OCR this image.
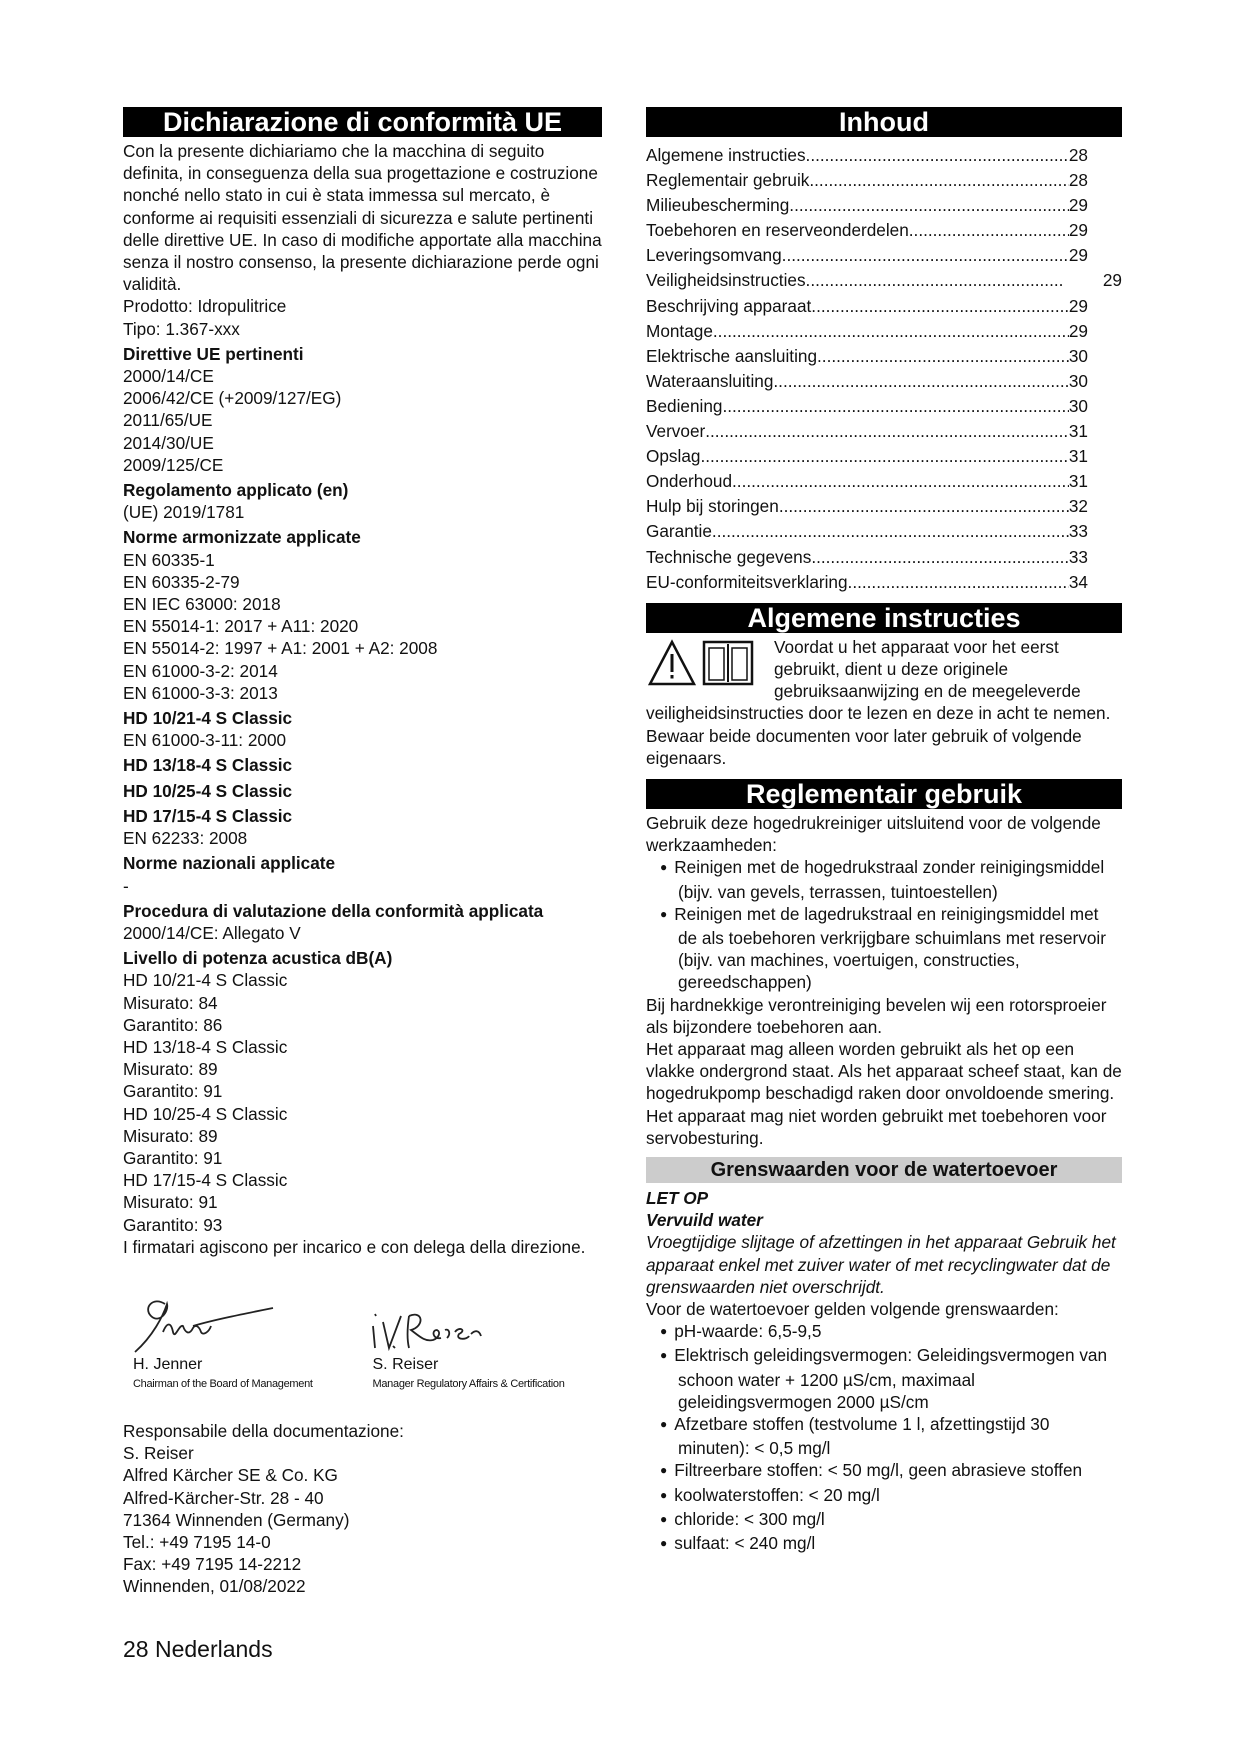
Dichiarazione di conformità UE
Con la presente dichiariamo che la macchina di seguito definita, in conseguenza della sua progettazione e costruzione nonché nello stato in cui è stata immessa sul mercato, è conforme ai requisiti essenziali di sicurezza e salute pertinenti delle direttive UE. In caso di modifiche apportate alla macchina senza il nostro consenso, la presente dichiarazione perde ogni validità.
Prodotto: Idropulitrice
Tipo: 1.367-xxx
Direttive UE pertinenti
2000/14/CE
2006/42/CE (+2009/127/EG)
2011/65/UE
2014/30/UE
2009/125/CE
Regolamento applicato (en)
(UE) 2019/1781
Norme armonizzate applicate
EN 60335-1
EN 60335-2-79
EN IEC 63000: 2018
EN 55014-1: 2017 + A11: 2020
EN 55014-2: 1997 + A1: 2001 + A2: 2008
EN 61000-3-2: 2014
EN 61000-3-3: 2013
HD 10/21-4 S Classic
EN 61000-3-11: 2000
HD 13/18-4 S Classic
HD 10/25-4 S Classic
HD 17/15-4 S Classic
EN 62233: 2008
Norme nazionali applicate
-
Procedura di valutazione della conformità applicata
2000/14/CE: Allegato V
Livello di potenza acustica dB(A)
HD 10/21-4 S Classic
Misurato: 84
Garantito: 86
HD 13/18-4 S Classic
Misurato: 89
Garantito: 91
HD 10/25-4 S Classic
Misurato: 89
Garantito: 91
HD 17/15-4 S Classic
Misurato: 91
Garantito: 93
I firmatari agiscono per incarico e con delega della direzione.
H. Jenner
Chairman of the Board of Management
S. Reiser
Manager Regulatory Affairs & Certification
Responsabile della documentazione:
S. Reiser
Alfred Kärcher SE & Co. KG
Alfred-Kärcher-Str. 28 - 40
71364 Winnenden (Germany)
Tel.: +49 7195 14-0
Fax: +49 7195 14-2212
Winnenden, 01/08/2022
Inhoud
Algemene instructies .....	28
Reglementair gebruik .....	28
Milieubescherming .....	29
Toebehoren en reserveonderdelen .....	29
Leveringsomvang .....	29
Veiligheidsinstructies .....	29
Beschrijving apparaat .....	29
Montage .....	29
Elektrische aansluiting .....	30
Wateraansluiting .....	30
Bediening .....	30
Vervoer .....	31
Opslag .....	31
Onderhoud .....	31
Hulp bij storingen .....	32
Garantie .....	33
Technische gegevens .....	33
EU-conformiteitsverklaring .....	34
Algemene instructies
Voordat u het apparaat voor het eerst gebruikt, dient u deze originele gebruiksaanwijzing en de meegeleverde veiligheidsinstructies door te lezen en deze in acht te nemen.
Bewaar beide documenten voor later gebruik of volgende eigenaars.
Reglementair gebruik
Gebruik deze hogedrukreiniger uitsluitend voor de volgende werkzaamheden:
● Reinigen met de hogedrukstraal zonder reinigingsmiddel (bijv. van gevels, terrassen, tuintoestellen)
● Reinigen met de lagedrukstraal en reinigingsmiddel met de als toebehoren verkrijgbare schuimlans met reservoir (bijv. van machines, voertuigen, constructies, gereedschappen)
Bij hardnekkige verontreiniging bevelen wij een rotorsproeier als bijzondere toebehoren aan.
Het apparaat mag alleen worden gebruikt als het op een vlakke ondergrond staat. Als het apparaat scheef staat, kan de hogedrukpomp beschadigd raken door onvoldoende smering.
Het apparaat mag niet worden gebruikt met toebehoren voor servobesturing.
Grenswaarden voor de watertoevoer
LET OP
Vervuild water
Vroegtijdige slijtage of afzettingen in het apparaat Gebruik het apparaat enkel met zuiver water of met recyclingwater dat de grenswaarden niet overschrijdt.
Voor de watertoevoer gelden volgende grenswaarden:
● pH-waarde: 6,5-9,5
● Elektrisch geleidingsvermogen: Geleidingsvermogen van schoon water + 1200 µS/cm, maximaal geleidingsvermogen 2000 µS/cm
● Afzetbare stoffen (testvolume 1 l, afzettingstijd 30 minuten): < 0,5 mg/l
● Filtreerbare stoffen: < 50 mg/l, geen abrasieve stoffen
● koolwaterstoffen: < 20 mg/l
● chloride: < 300 mg/l
● sulfaat: < 240 mg/l
28 Nederlands
